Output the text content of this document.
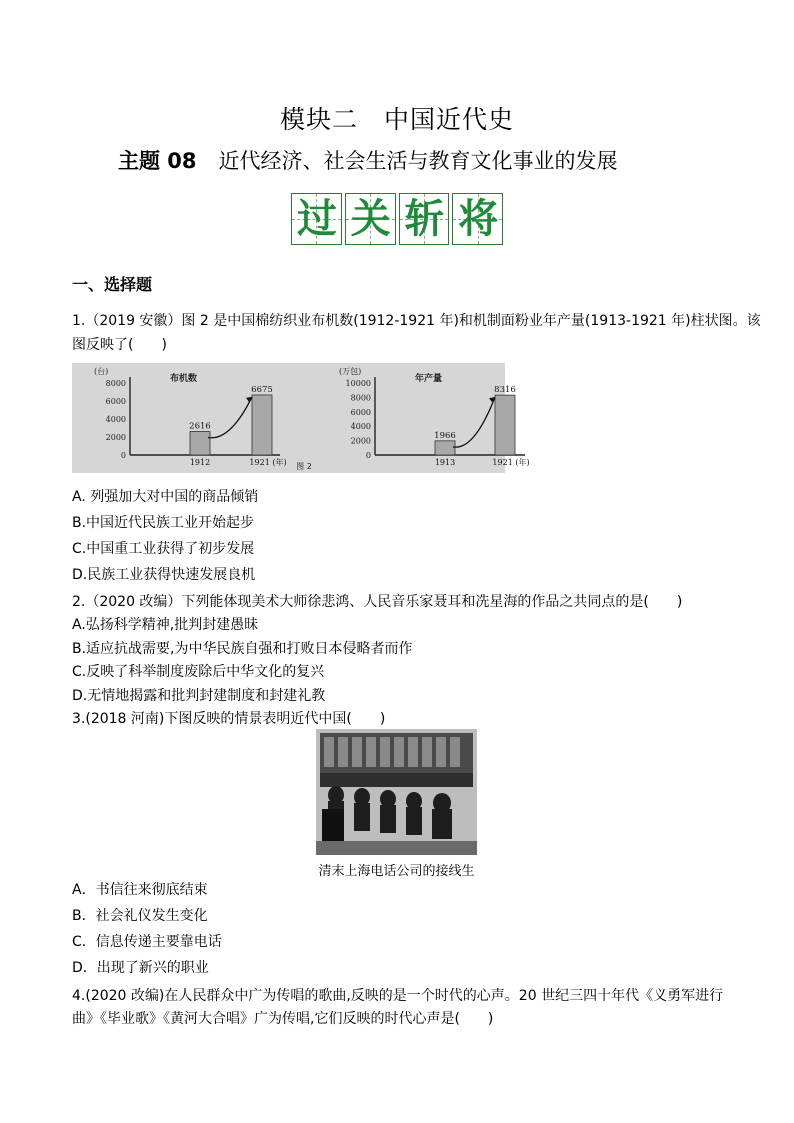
模块二　中国近代史
主题 08 近代经济、社会生活与教育文化事业的发展
过 关 斩 将
一、选择题
1.（2019 安徽）图 2 是中国棉纺织业布机数(1912-1921 年)和机制面粉业年产量(1913-1921 年)柱状图。该
图反映了(　　)
(台)
0
2000
4000
6000
8000	布机数
2616
1912
6675
1921 (年)
(万包)
0
2000
4000
6000
8000
10000	年产量
1966
1913
8316
1921 (年)
图 2
A. 列强加大对中国的商品倾销
B.中国近代民族工业开始起步
C.中国重工业获得了初步发展
D.民族工业获得快速发展良机
2.（2020 改编）下列能体现美术大师徐悲鸿、人民音乐家聂耳和冼星海的作品之共同点的是(　　)
A.弘扬科学精神,批判封建愚昧
B.适应抗战需要,为中华民族自强和打败日本侵略者而作
C.反映了科举制度废除后中华文化的复兴
D.无情地揭露和批判封建制度和封建礼教
3.(2018 河南)下图反映的情景表明近代中国(　　)
清末上海电话公司的接线生
A．书信往来彻底结束
B．社会礼仪发生变化
C．信息传递主要靠电话
D．出现了新兴的职业
4.(2020 改编)在人民群众中广为传唱的歌曲,反映的是一个时代的心声。20 世纪三四十年代《义勇军进行
曲》《毕业歌》《黄河大合唱》广为传唱,它们反映的时代心声是(　　)
